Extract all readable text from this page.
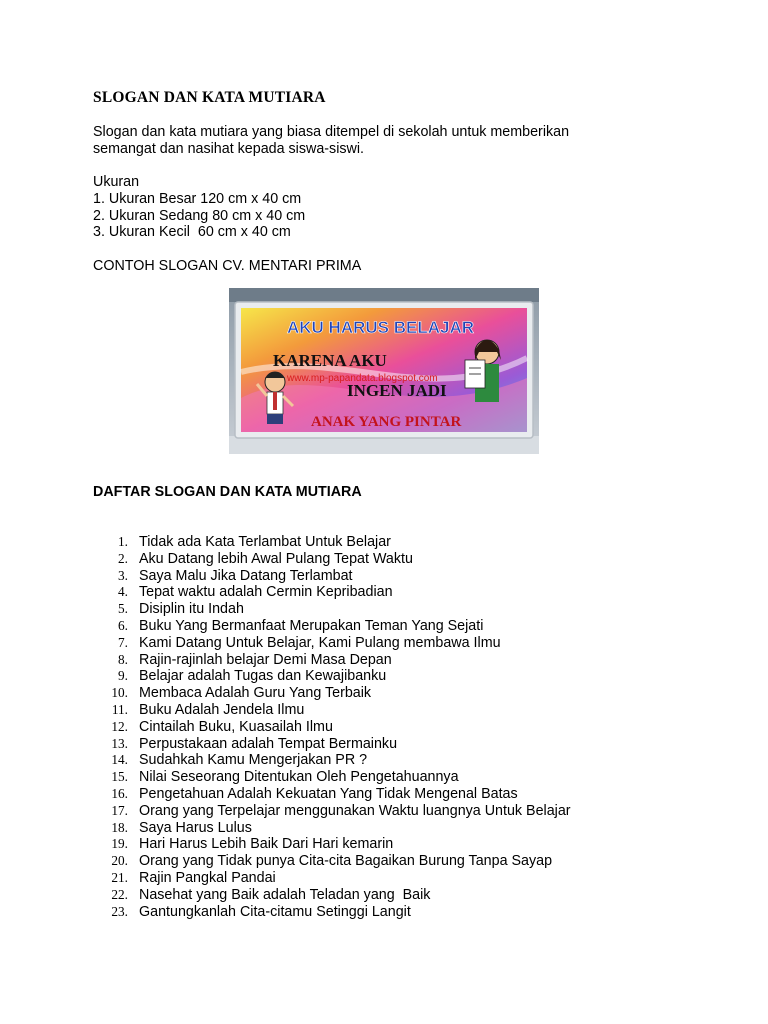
SLOGAN DAN KATA MUTIARA
Slogan dan kata mutiara yang biasa ditempel di sekolah untuk memberikan
semangat dan nasihat kepada siswa-siswi.
Ukuran
1. Ukuran Besar 120 cm x 40 cm
2. Ukuran Sedang 80 cm x 40 cm
3. Ukuran Kecil  60 cm x 40 cm
CONTOH SLOGAN CV. MENTARI PRIMA
DAFTAR SLOGAN DAN KATA MUTIARA
AKU HARUS BELAJAR
KARENA AKU
INGEN JADI
ANAK YANG PINTAR
www.mp-papandata.blogspot.com
1. Tidak ada Kata Terlambat Untuk Belajar
2. Aku Datang lebih Awal Pulang Tepat Waktu
3. Saya Malu Jika Datang Terlambat
4. Tepat waktu adalah Cermin Kepribadian
5. Disiplin itu Indah
6. Buku Yang Bermanfaat Merupakan Teman Yang Sejati
7. Kami Datang Untuk Belajar, Kami Pulang membawa Ilmu
8. Rajin-rajinlah belajar Demi Masa Depan
9. Belajar adalah Tugas dan Kewajibanku
10. Membaca Adalah Guru Yang Terbaik
11. Buku Adalah Jendela Ilmu
12. Cintailah Buku, Kuasailah Ilmu
13. Perpustakaan adalah Tempat Bermainku
14. Sudahkah Kamu Mengerjakan PR ?
15. Nilai Seseorang Ditentukan Oleh Pengetahuannya
16. Pengetahuan Adalah Kekuatan Yang Tidak Mengenal Batas
17. Orang yang Terpelajar menggunakan Waktu luangnya Untuk Belajar
18. Saya Harus Lulus
19. Hari Harus Lebih Baik Dari Hari kemarin
20. Orang yang Tidak punya Cita-cita Bagaikan Burung Tanpa Sayap
21. Rajin Pangkal Pandai
22. Nasehat yang Baik adalah Teladan yang  Baik
23. Gantungkanlah Cita-citamu Setinggi Langit
